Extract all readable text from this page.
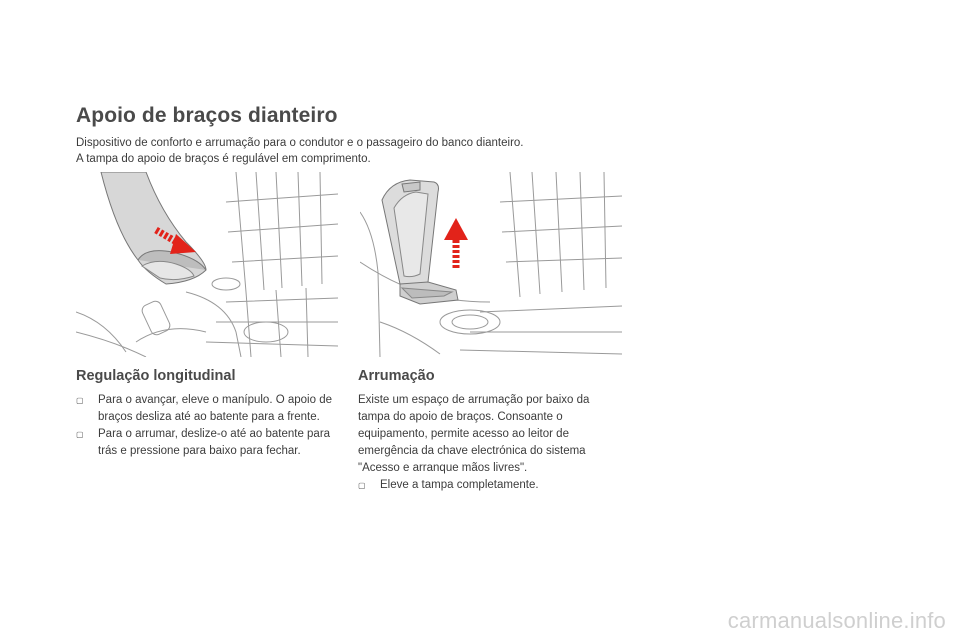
Apoio de braços dianteiro

Dispositivo de conforto e arrumação para o condutor e o passageiro do banco dianteiro.

A tampa do apoio de braços é regulável em comprimento.

Regulação longitudinal
▢	Para o avançar, eleve o manípulo. O apoio de braços desliza até ao batente para a frente.
▢	Para o arrumar, deslize-o até ao batente para trás e pressione para baixo para fechar.
Arrumação

Existe um espaço de arrumação por baixo da tampa do apoio de braços. Consoante o equipamento, permite acesso ao leitor de emergência da chave electrónica do sistema "Acesso e arranque mãos livres".

▢	Eleve a tampa completamente.
carmanualsonline.info
